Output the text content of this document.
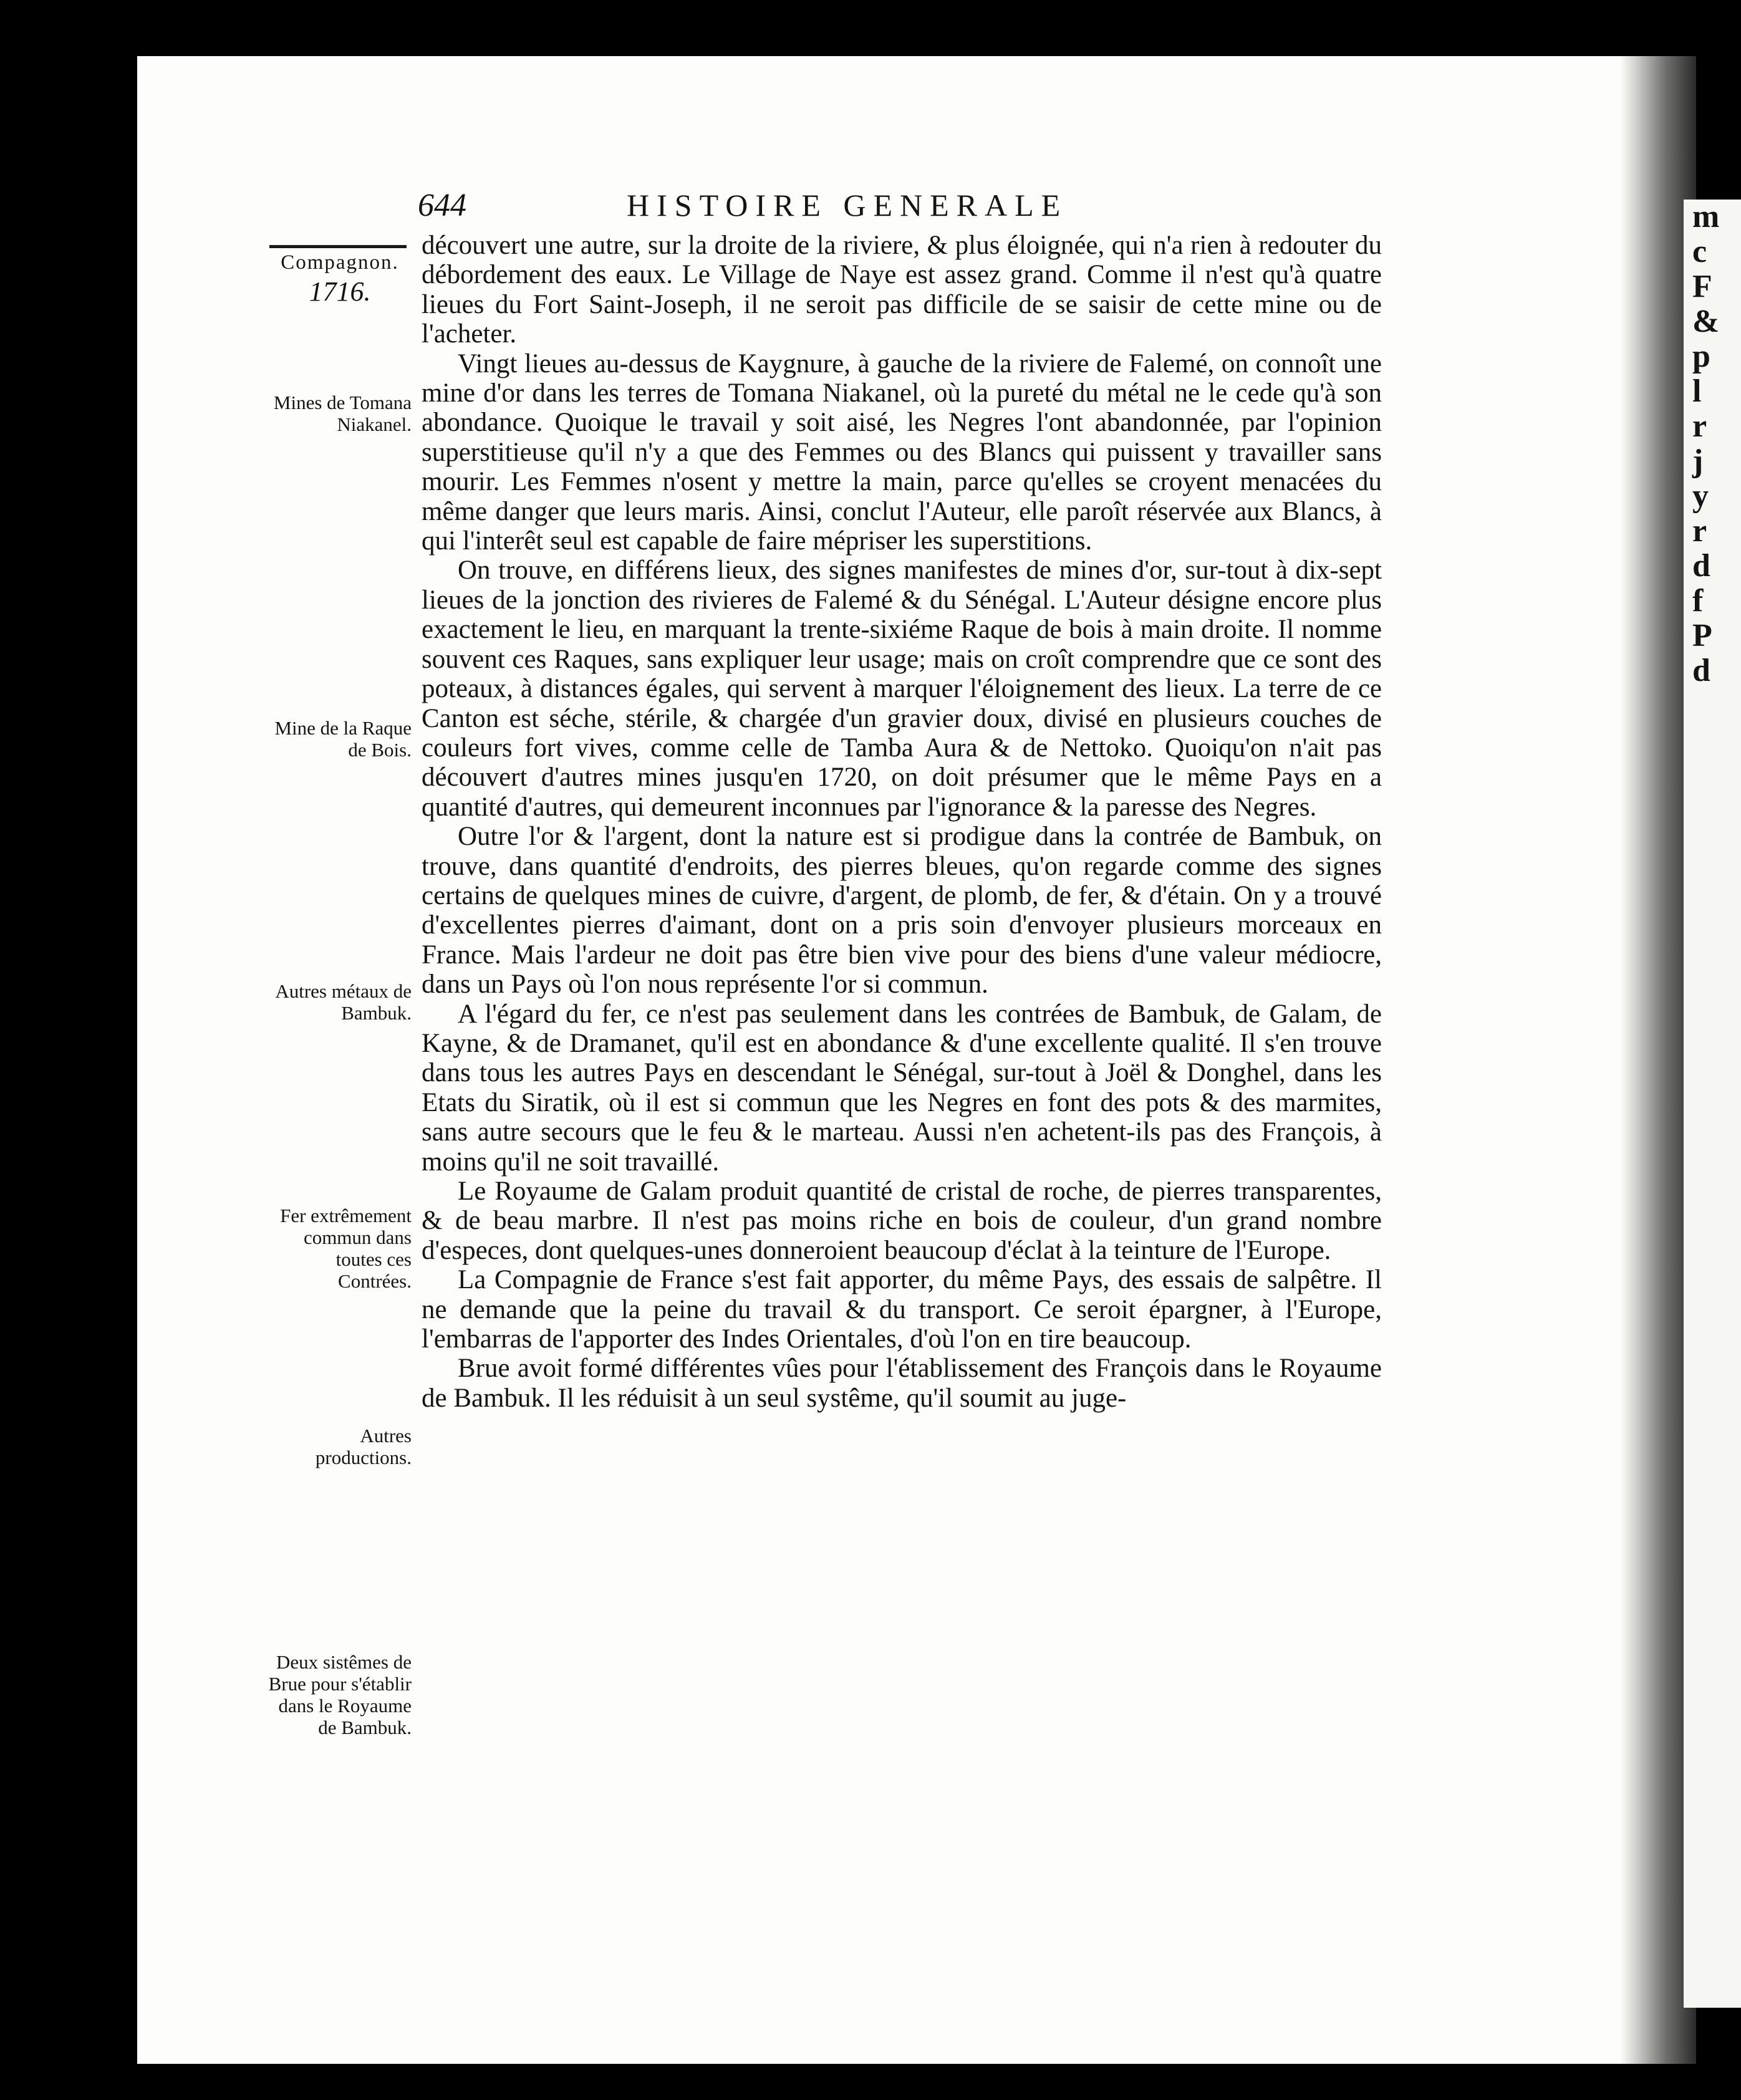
m
c
F
&
p
l
r
j
y
r
d
f
P
d
644	HISTOIRE GENERALE
Compagnon.
1716.
Mines de Tomana Niakanel.
Mine de la Raque de Bois.
Autres métaux de Bambuk.
Fer extrêmement commun dans toutes ces Contrées.
Autres productions.
Deux sistêmes de Brue pour s'établir dans le Royaume de Bambuk.

découvert une autre, sur la droite de la riviere, & plus éloignée, qui n'a rien à redouter du débordement des eaux. Le Village de Naye est assez grand. Comme il n'est qu'à quatre lieues du Fort Saint-Joseph, il ne seroit pas difficile de se saisir de cette mine ou de l'acheter.

Vingt lieues au-dessus de Kaygnure, à gauche de la riviere de Falemé, on connoît une mine d'or dans les terres de Tomana Niakanel, où la pureté du métal ne le cede qu'à son abondance. Quoique le travail y soit aisé, les Negres l'ont abandonnée, par l'opinion superstitieuse qu'il n'y a que des Femmes ou des Blancs qui puissent y travailler sans mourir. Les Femmes n'osent y mettre la main, parce qu'elles se croyent menacées du même danger que leurs maris. Ainsi, conclut l'Auteur, elle paroît réservée aux Blancs, à qui l'interêt seul est capable de faire mépriser les superstitions.

On trouve, en différens lieux, des signes manifestes de mines d'or, sur-tout à dix-sept lieues de la jonction des rivieres de Falemé & du Sénégal. L'Auteur désigne encore plus exactement le lieu, en marquant la trente-sixiéme Raque de bois à main droite. Il nomme souvent ces Raques, sans expliquer leur usage; mais on croît comprendre que ce sont des poteaux, à distances égales, qui servent à marquer l'éloignement des lieux. La terre de ce Canton est séche, stérile, & chargée d'un gravier doux, divisé en plusieurs couches de couleurs fort vives, comme celle de Tamba Aura & de Nettoko. Quoiqu'on n'ait pas découvert d'autres mines jusqu'en 1720, on doit présumer que le même Pays en a quantité d'autres, qui demeurent inconnues par l'ignorance & la paresse des Negres.

Outre l'or & l'argent, dont la nature est si prodigue dans la contrée de Bambuk, on trouve, dans quantité d'endroits, des pierres bleues, qu'on regarde comme des signes certains de quelques mines de cuivre, d'argent, de plomb, de fer, & d'étain. On y a trouvé d'excellentes pierres d'aimant, dont on a pris soin d'envoyer plusieurs morceaux en France. Mais l'ardeur ne doit pas être bien vive pour des biens d'une valeur médiocre, dans un Pays où l'on nous représente l'or si commun.

A l'égard du fer, ce n'est pas seulement dans les contrées de Bambuk, de Galam, de Kayne, & de Dramanet, qu'il est en abondance & d'une excellente qualité. Il s'en trouve dans tous les autres Pays en descendant le Sénégal, sur-tout à Joël & Donghel, dans les Etats du Siratik, où il est si commun que les Negres en font des pots & des marmites, sans autre secours que le feu & le marteau. Aussi n'en achetent-ils pas des François, à moins qu'il ne soit travaillé.

Le Royaume de Galam produit quantité de cristal de roche, de pierres transparentes, & de beau marbre. Il n'est pas moins riche en bois de couleur, d'un grand nombre d'especes, dont quelques-unes donneroient beaucoup d'éclat à la teinture de l'Europe.

La Compagnie de France s'est fait apporter, du même Pays, des essais de salpêtre. Il ne demande que la peine du travail & du transport. Ce seroit épargner, à l'Europe, l'embarras de l'apporter des Indes Orientales, d'où l'on en tire beaucoup.

Brue avoit formé différentes vûes pour l'établissement des François dans le Royaume de Bambuk. Il les réduisit à un seul systême, qu'il soumit au juge-
